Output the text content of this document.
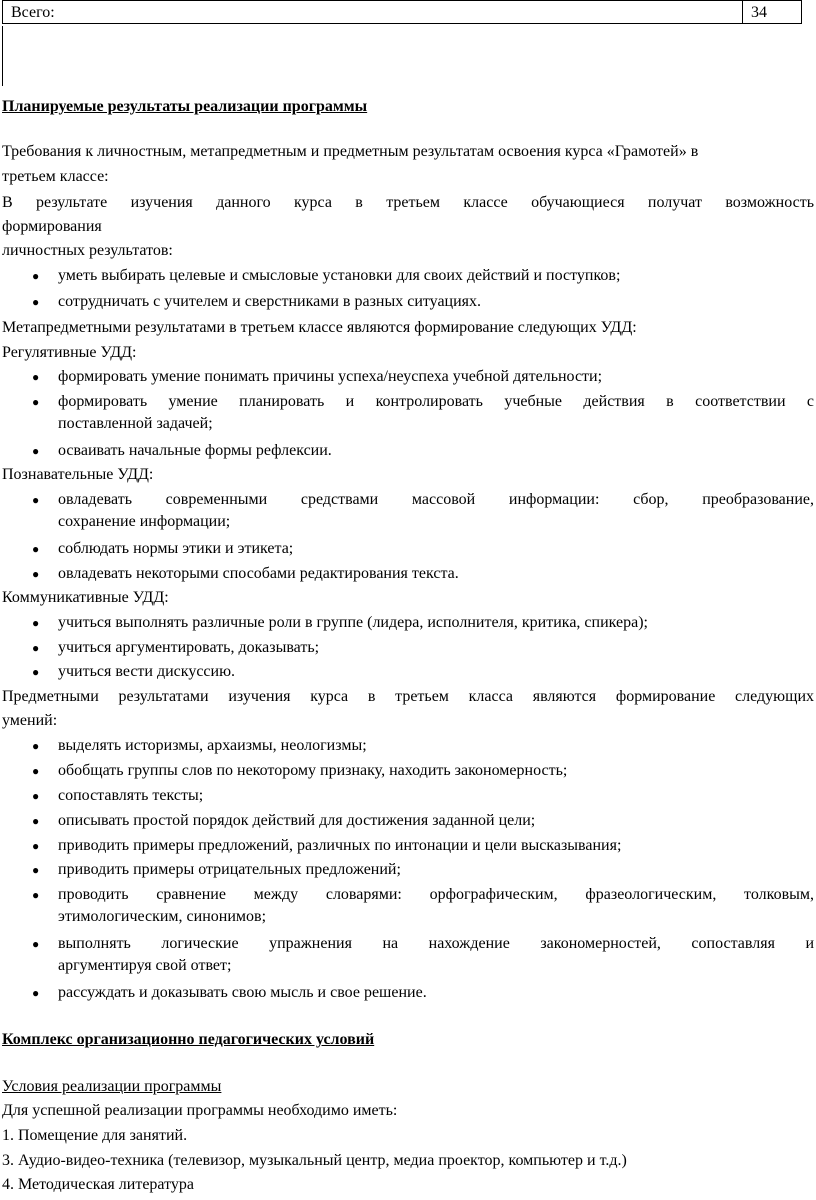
Всего:	34
Планируемые результаты реализации программы
Требования к личностным, метапредметным и предметным результатам освоения курса «Грамотей» в
третьем классе:
В результате изучения данного курса в третьем классе обучающиеся получат возможность
формирования
личностных результатов:
● уметь выбирать целевые и смысловые установки для своих действий и поступков;
● сотрудничать с учителем и сверстниками в разных ситуациях.
Метапредметными результатами в третьем классе являются формирование следующих УДД:
Регулятивные УДД:
● формировать умение понимать причины успеха/неуспеха учебной дятельности;
● формировать умение планировать и контролировать учебные действия в соответствии с
поставленной задачей;
● осваивать начальные формы рефлексии.
Познавательные УДД:
● овладевать современными средствами массовой информации: сбор, преобразование,
сохранение информации;
● соблюдать нормы этики и этикета;
● овладевать некоторыми способами редактирования текста.
Коммуникативные УДД:
● учиться выполнять различные роли в группе (лидера, исполнителя, критика, спикера);
● учиться аргументировать, доказывать;
● учиться вести дискуссию.
Предметными результатами изучения курса в третьем класса являются формирование следующих
умений:
● выделять историзмы, архаизмы, неологизмы;
● обобщать группы слов по некоторому признаку, находить закономерность;
● сопоставлять тексты;
● описывать простой порядок действий для достижения заданной цели;
● приводить примеры предложений, различных по интонации и цели высказывания;
● приводить примеры отрицательных предложений;
● проводить сравнение между словарями: орфографическим, фразеологическим, толковым,
этимологическим, синонимов;
● выполнять логические упражнения на нахождение закономерностей, сопоставляя и
аргументируя свой ответ;
● рассуждать и доказывать свою мысль и свое решение.
Комплекс организационно педагогических условий
Условия реализации программы
Для успешной реализации программы необходимо иметь:
1. Помещение для занятий.
3. Аудио-видео-техника (телевизор, музыкальный центр, медиа проектор, компьютер и т.д.)
4. Методическая литература
